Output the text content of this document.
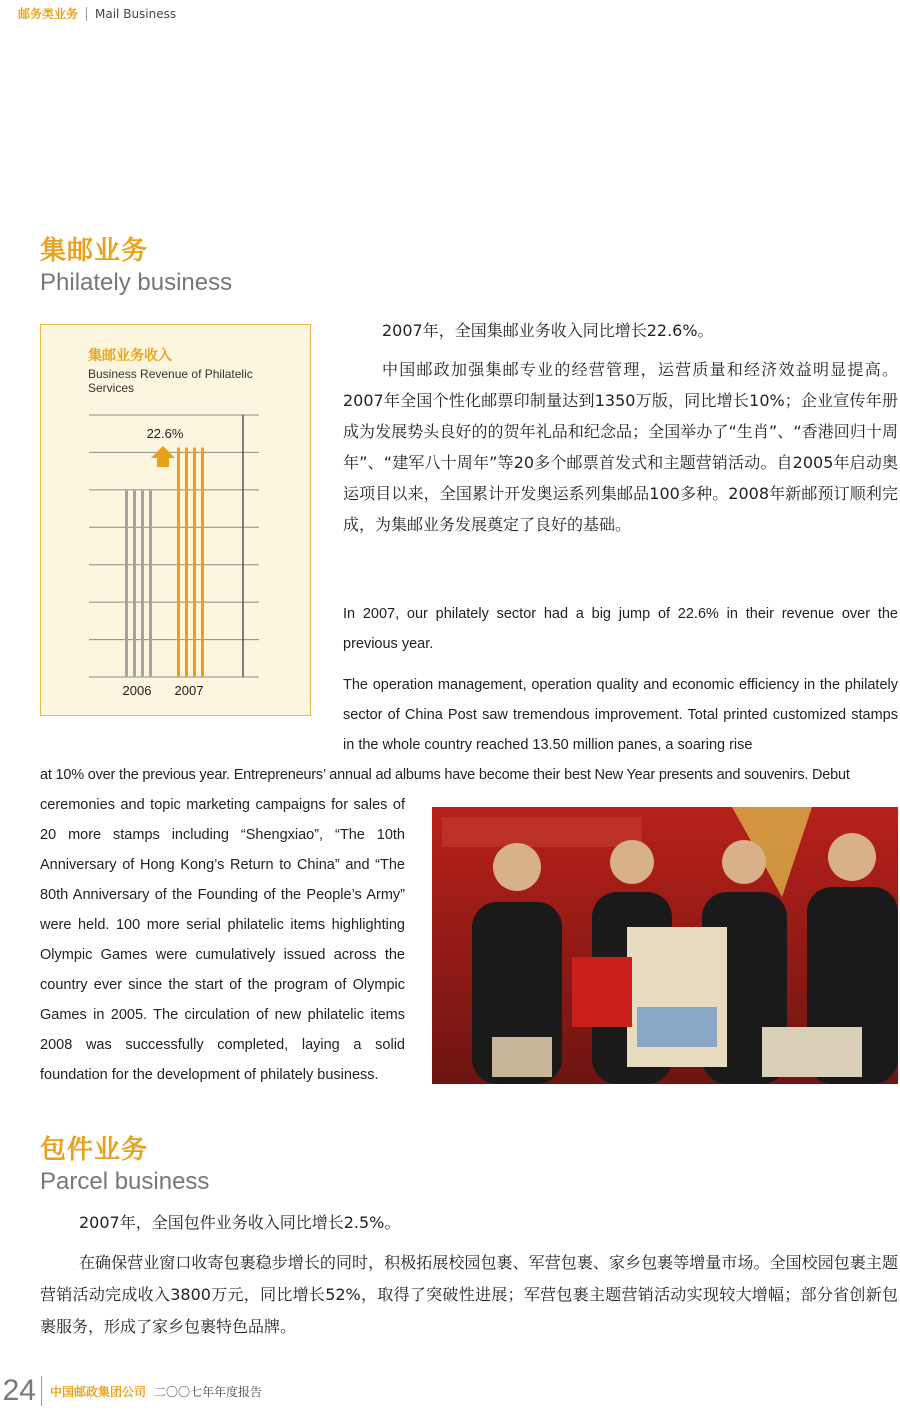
邮务类业务 Mail Business
集邮业务
Philately business
集邮业务收入
Business Revenue of Philatelic Services
2006 2007
22.6%

2007年，全国集邮业务收入同比增长22.6%。

中国邮政加强集邮专业的经营管理，运营质量和经济效益明显提高。2007年全国个性化邮票印制量达到1350万版，同比增长10%；企业宣传年册成为发展势头良好的的贺年礼品和纪念品；全国举办了“生肖”、“香港回归十周年”、“建军八十周年”等20多个邮票首发式和主题营销活动。自2005年启动奥运项目以来，全国累计开发奥运系列集邮品100多种。2008年新邮预订顺利完成，为集邮业务发展奠定了良好的基础。

In 2007, our philately sector had a big jump of 22.6% in their revenue over the previous year.

The operation management, operation quality and economic efficiency in the philately sector of China Post saw tremendous improvement. Total printed customized stamps in the whole country reached 13.50 million panes, a soaring rise

at 10% over the previous year. Entrepreneurs’ annual ad albums have become their best New Year presents and souvenirs. Debut

ceremonies and topic marketing campaigns for sales of 20 more stamps including “Shengxiao”, “The 10th Anniversary of Hong Kong’s Return to China” and “The 80th Anniversary of the Founding of the People’s Army” were held. 100 more serial philatelic items highlighting Olympic Games were cumulatively issued across the country ever since the start of the program of Olympic Games in 2005. The circulation of new philatelic items 2008 was successfully completed, laying a solid foundation for the development of philately business.

包件业务
Parcel business

2007年，全国包件业务收入同比增长2.5%。

在确保营业窗口收寄包裹稳步增长的同时，积极拓展校园包裹、军营包裹、家乡包裹等增量市场。全国校园包裹主题营销活动完成收入3800万元，同比增长52%，取得了突破性进展；军营包裹主题营销活动实现较大增幅；部分省创新包裹服务，形成了家乡包裹特色品牌。

24 中国邮政集团公司 二〇〇七年年度报告
